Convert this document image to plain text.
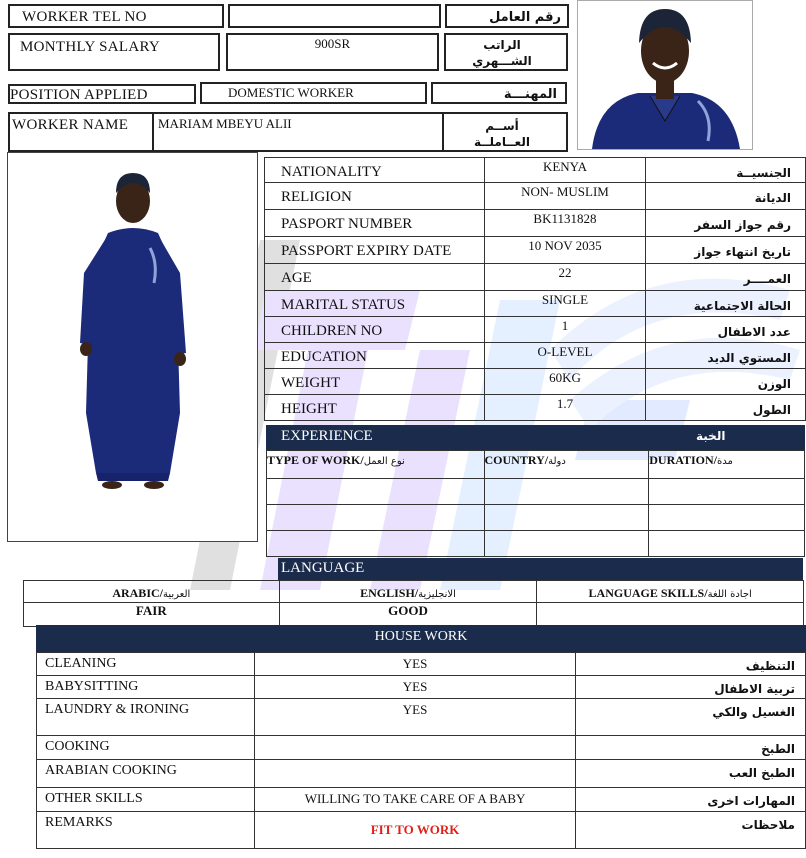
WORKER TEL NO	رقم العامل
MONTHLY SALARY	900SR	الراتب الشـــهري
POSITION APPLIED	DOMESTIC WORKER	المهنـــة
WORKER NAME MARIAM MBEYU ALII	أســم العــاملــة
NATIONALITY	KENYA	الجنسيــة
RELIGION	NON- MUSLIM	الديانة
PASPORT NUMBER	BK1131828	رقم جواز السفر
PASSPORT EXPIRY DATE	10 NOV 2035	تاريخ انتهاء جواز
AGE	22	العمــــر
MARITAL STATUS	SINGLE	الحالة الاجتماعية
CHILDREN NO	1	عدد الاطفال
EDUCATION	O-LEVEL	المستوي الديد
WEIGHT	60KG	الوزن
HEIGHT	1.7	الطول
EXPERIENCE	الخبة
TYPE OF WORK/نوع العمل	COUNTRY/دولة	DURATION/مدة

LANGUAGE
ARABIC/العربية	ENGLISH/الانجليزية	LANGUAGE SKILLS/اجادة اللغة
FAIR	GOOD	
HOUSE WORK
CLEANING	YES	التنظيف
BABYSITTING	YES	تربية الاطفال
LAUNDRY & IRONING	YES	الغسيل والكي
COOKING		الطبخ
ARABIAN COOKING		الطبخ العب
OTHER SKILLS	WILLING TO TAKE CARE OF A BABY	المهارات اخرى
REMARKS	FIT TO WORK	ملاحظات
